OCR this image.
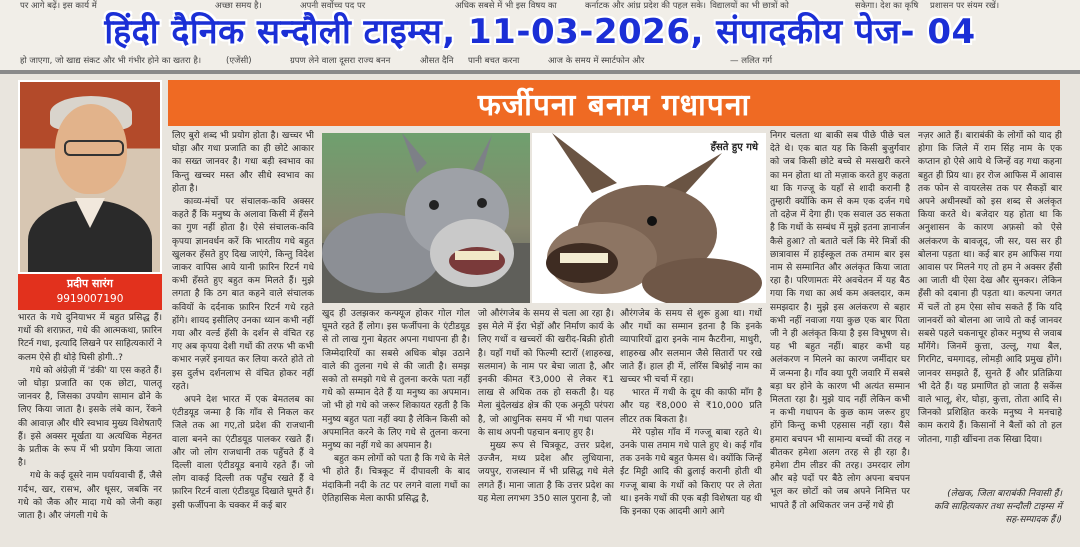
पर आगे बढ़ें। इस कार्य में	अच्छा समय है।	अपनी सर्वोच्च पद पर	अधिक सबसे में भी इस विषय का	कर्नाटक और आंध्र प्रदेश की पहल सके। विद्यालयों का भी छात्रों को	सकेगा। देश का कृषि प्रशासन पर संयम रखें।
हो जाएगा, जो खाद्य संकट और भी गंभीर होने का खतरा है।	(एजेंसी)	ग्रपण लेने वाला दूसरा राज्य बनन	औसत दैनि पानी बचत करना	आज के समय में स्मार्टफोन और	— ललित गर्ग
हिंदी दैनिक सन्दौली टाइम्स, 11-03-2026, संपादकीय पेज- 04
फर्जीपना बनाम गधापना
प्रदीप सारंग
9919007190

भारत के गधे दुनियाभर में बहुत प्रसिद्ध हैं। गधों की शराफ़त, गधे की आत्मकथा, फ़ारिन रिटर्न गधा, इत्यादि लिखने पर साहित्यकारों ने कलम ऐसे ही थोड़े घिसी होगी..?

गधे को अंग्रेज़ी में 'डंकी' या एस कहते हैं। जो घोड़ा प्रजाति का एक छोटा, पालतू जानवर है, जिसका उपयोग सामान ढोने के लिए किया जाता है। इसके लंबे कान, रेंकने की आवाज़ और धीरे स्वभाव मुख्य विशेषताएँ हैं। इसे अक्सर मूर्खता या अत्यधिक मेहनत के प्रतीक के रूप में भी प्रयोग किया जाता है।

गधे के कई दूसरे नाम पर्यायवाची हैं, जैसे गर्दभ, खर, रासभ, और धूसर, जबकि नर गधे को जैक और मादा गधे को जेनी कहा जाता है। और जंगली गधे के

लिए बुरो शब्द भी प्रयोग होता है। खच्चर भी घोड़ा और गधा प्रजाति का ही छोटे आकार का सख्त जानवर है। गधा बड़ी स्वभाव का किन्तु खच्चर मस्त और सीधे स्वभाव का होता है।

काव्य-मंचों पर संचालक-कवि अक्सर कहते हैं कि मनुष्य के अलावा किसी में हँसने का गुण नहीं होता है। ऐसे संचालक-कवि कृपया ज्ञानवर्धन करें कि भारतीय गधे बहुत खुलकर हँसते हुए दिख जाएंगे, किन्तु विदेश जाकर वापिस आये यानी फ़ारिन रिटर्न गधे कभी हँसते हुए बहुत कम मिलते हैं। मुझे लगता है कि ठग बात कहने वाले संचालक कवियों के दर्दनाक फ़ारिन रिटर्न गधे रहते होंगे। शायद इसीलिए उनका ध्यान कभी नहीं गया और वर्ल्ड हँसी के दर्शन से वंचित रह गए अब कृपया देशी गधों की तरफ भी कभी कभार नज़रें इनायत कर लिया करते होते तो इस दुर्लभ दर्शनलाभ से वंचित होकर नहीं रहते।

अपने देश भारत में एक बेमतलब का एंटीडयूड जन्मा है कि गाँव से निकल कर जिले तक आ गए,तो प्रदेश की राजधानी वाला बनने का एंटीडयूड पालकर रखते हैं। और जो लोग राजधानी तक पहुँचते हैं वे दिल्ली वाला एंटीडयूड बनाये रहते हैं। जो लोग वाकई दिल्ली तक पहुँच रखते हैं वे फ़ारिन रिटर्न वाला एंटीडयूड दिखाते घूमते हैं। इसी फर्जीपना के चक्कर में कई बार

हँसते हुए गधे

खुद ही उलझकर कन्फ्यूज होकर गोल गोल घूमते रहते हैं लोग। इस फर्जीपना के एंटीडयूड से तो लाख गुना बेहतर अपना गधापना ही है। जिम्मेदारियों का सबसे अधिक बोझ उठाने वाले की तुलना गधे से की जाती है। समझ सको तो समझो गधे से तुलना करके पता नहीं गधे को सम्मान देते हैं या मनुष्य का अपमान। जो भी हो गधे को जरूर शिकायत रहती है कि मनुष्य बहुत पता नहीं क्या है लेकिन किसी को अपमानित करने के लिए गधे से तुलना करना मनुष्य का नहीं गधे का अपमान है।

बहुत कम लोगों को पता है कि गधे के मेले भी होते हैं। चित्रकूट में दीपावली के बाद मंदाकिनी नदी के तट पर लगने वाला गधों का ऐतिहासिक मेला काफी प्रसिद्ध है,

जो औरंगजेब के समय से चला आ रहा है। इस मेले में ईरा भेड़ों और निर्माण कार्य के लिए गधों व खच्चरों की खरीद-बिक्री होती है। यहाँ गधों को फिल्मी स्टारों (शाहरुख, सलमान) के नाम पर बेचा जाता है, और इनकी कीमत ₹3,000 से लेकर ₹1 लाख से अधिक तक हो सकती है। यह मेला बुंदेलखंड क्षेत्र की एक अनूठी परंपरा है, जो आधुनिक समय में भी गधा पालन के साथ अपनी पहचान बनाए हुए है।

मुख्य रूप से चित्रकूट, उत्तर प्रदेश, उज्जैन, मध्य प्रदेश और लुधियाना, जयपुर, राजस्थान में भी प्रसिद्ध गधे मेले लगते हैं। माना जाता है कि उत्तर प्रदेश का यह मेला लगभग 350 साल पुराना है, जो

औरंगजेब के समय से शुरू हुआ था। गधों और गधों का सम्मान इतना है कि इनके व्यापारियों द्वारा इनके नाम कैटरीना, माधुरी, शाहरुख और सलमान जैसे सितारों पर रखे जाते हैं। हाल ही में, लॉरेंस बिश्नोई नाम का खच्चर भी चर्चा में रहा।

भारत में गधी के दूध की काफी माँग है और यह ₹8,000 से ₹10,000 प्रति लीटर तक बिकता है।

मेरे पड़ोस गाँव में गज्जू बाबा रहते थे। उनके पास तमाम गधे पाले हुए थे। कई गाँव तक उनके गधे बहुत फेमस थे। क्योंकि जिन्हें ईंट मिट्टी आदि की ढुलाई करानी होती थी गज्जू बाबा के गधों को किराए पर ले लेता था। इनके गधों की एक बड़ी विशेषता यह थी कि इनका एक आदमी आगे आगे

निगर चलता था बाकी सब पीछे पीछे चल देते थे। एक बात यह कि किसी बुजुर्गवार को जब किसी छोटे बच्चे से मसखरी करने का मन होता था तो मज़ाक करते हुए कहता था कि गज्जू के यहाँ से शादी करानी है तुम्हारी क्योंकि कम से कम एक दर्जन गधे तो दहेज में देगा ही। एक सवाल उठ सकता है कि गधों के सम्बंध में मुझे इतना ज्ञानार्जन कैसे हुआ? तो बताते चलें कि मेरे मित्रों की छात्रावास में हाईस्कूल तक तमाम बार इस नाम से सम्मानित और अलंकृत किया जाता रहा है। परिणामतः मेरे अवचेतन में यह बैठ गया कि गधा का अर्थ कम अक्लदार, कम समझदार है। मुझे इस अलंकरण से बहार कभी नहीं नवाजा गया कुछ एक बार पिता जी ने ही अलंकृत किया है इस विभूषण से। यह भी बहुत नहीं। बाहर कभी यह अलंकरण न मिलने का कारण जमींदार घर में जन्मना है। गाँव क्या पूरी जवारि में सबसे बड़ा घर होने के कारण भी अत्यंत सम्मान मिलता रहा है। मुझे याद नहीं लेकिन कभी न कभी गधापन के कुछ काम जरूर हुए होंगे किन्तु कभी एहसास नहीं रहा। यैसे हमारा बचपन भी सामान्य बच्चों की तरह न बीतकर हमेशा अलग तरह से ही रहा है। हमेशा टीम लीडर की तरह। उमरदार लोग और बड़े पदों पर बैठे लोग अपना बचपन भूल कर छोटों को जब अपने निमित्त पर भापते हैं तो अधिकतर जन उन्हें गधे ही

नज़र आते हैं। बाराबंकी के लोगों को याद ही होगा कि जिले में राम सिंह नाम के एक कप्तान हो ऐसे आये थे जिन्हें वह गधा कहना बहुत ही प्रिय था। हर रोज आफिस में आवास तक फोन से वायरलेस तक पर सैकड़ों बार अपने अधीनस्थों को इस शब्द से अलंकृत किया करते थे। बजेदार यह होता था कि अनुशासन के कारण अफ़सो को ऐसे अलंकरण के बावजूद, जी सर, यस सर ही बोलना पड़ता था। कई बार हम आफिस गया आवास पर मिलने गए तो हम ने अक्सर हँसी आ जाती थी ऐसा देख और सुनकर। लेकिन हँसी को दबाना ही पड़ता था। कल्पना जगत में चलें तो हम ऐसा सोच सकते हैं कि यदि जानवरों को बोलना आ जाये तो कई जानवर सबसे पहले चकनाचूर होकर मनुष्य से जवाब माँगेंगे। जिनमें कुत्ता, उल्लू, गधा बैल, गिरगिट, चमगादड़, लोमड़ी आदि प्रमुख होंगे। जानवर समझते हैं, सुनते हैं और प्रतिक्रिया भी देते हैं। यह प्रमाणित हो जाता है सकेंस वाले भालू, शेर, घोड़ा, कुत्ता, तोता आदि से। जिनको प्रशिक्षित करके मनुष्य ने मनचाहे काम कराये हैं। किसानों ने बैलों को तो हल जोतना, गाड़ी खींचना तक सिखा दिया।

(लेखक, जिला बाराबंकी निवासी हैं।
कवि साहित्यकार तथा सन्दौली टाइम्स में
सह-सम्पादक हैं।)
